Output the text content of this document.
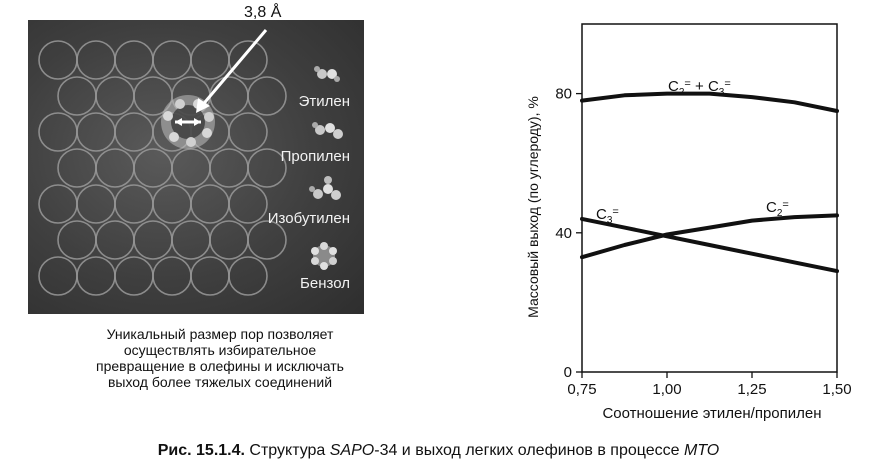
Этилен
Пропилен
Изобутилен
Бензол
3,8 Å
Уникальный размер пор позволяет
осуществлять избирательное
превращение в олефины и исключать
выход более тяжелых соединений	0,75	1,00	1,25	1,50
0
40
80	$C_2^= + C_3^=$
$C_3^=$	$C_2^=$
Массовый выход (по углероду), %
Соотношение этилен/пропилен
Рис. 15.1.4. Структура SAPO-34 и выход легких олефинов в процессе MTO
